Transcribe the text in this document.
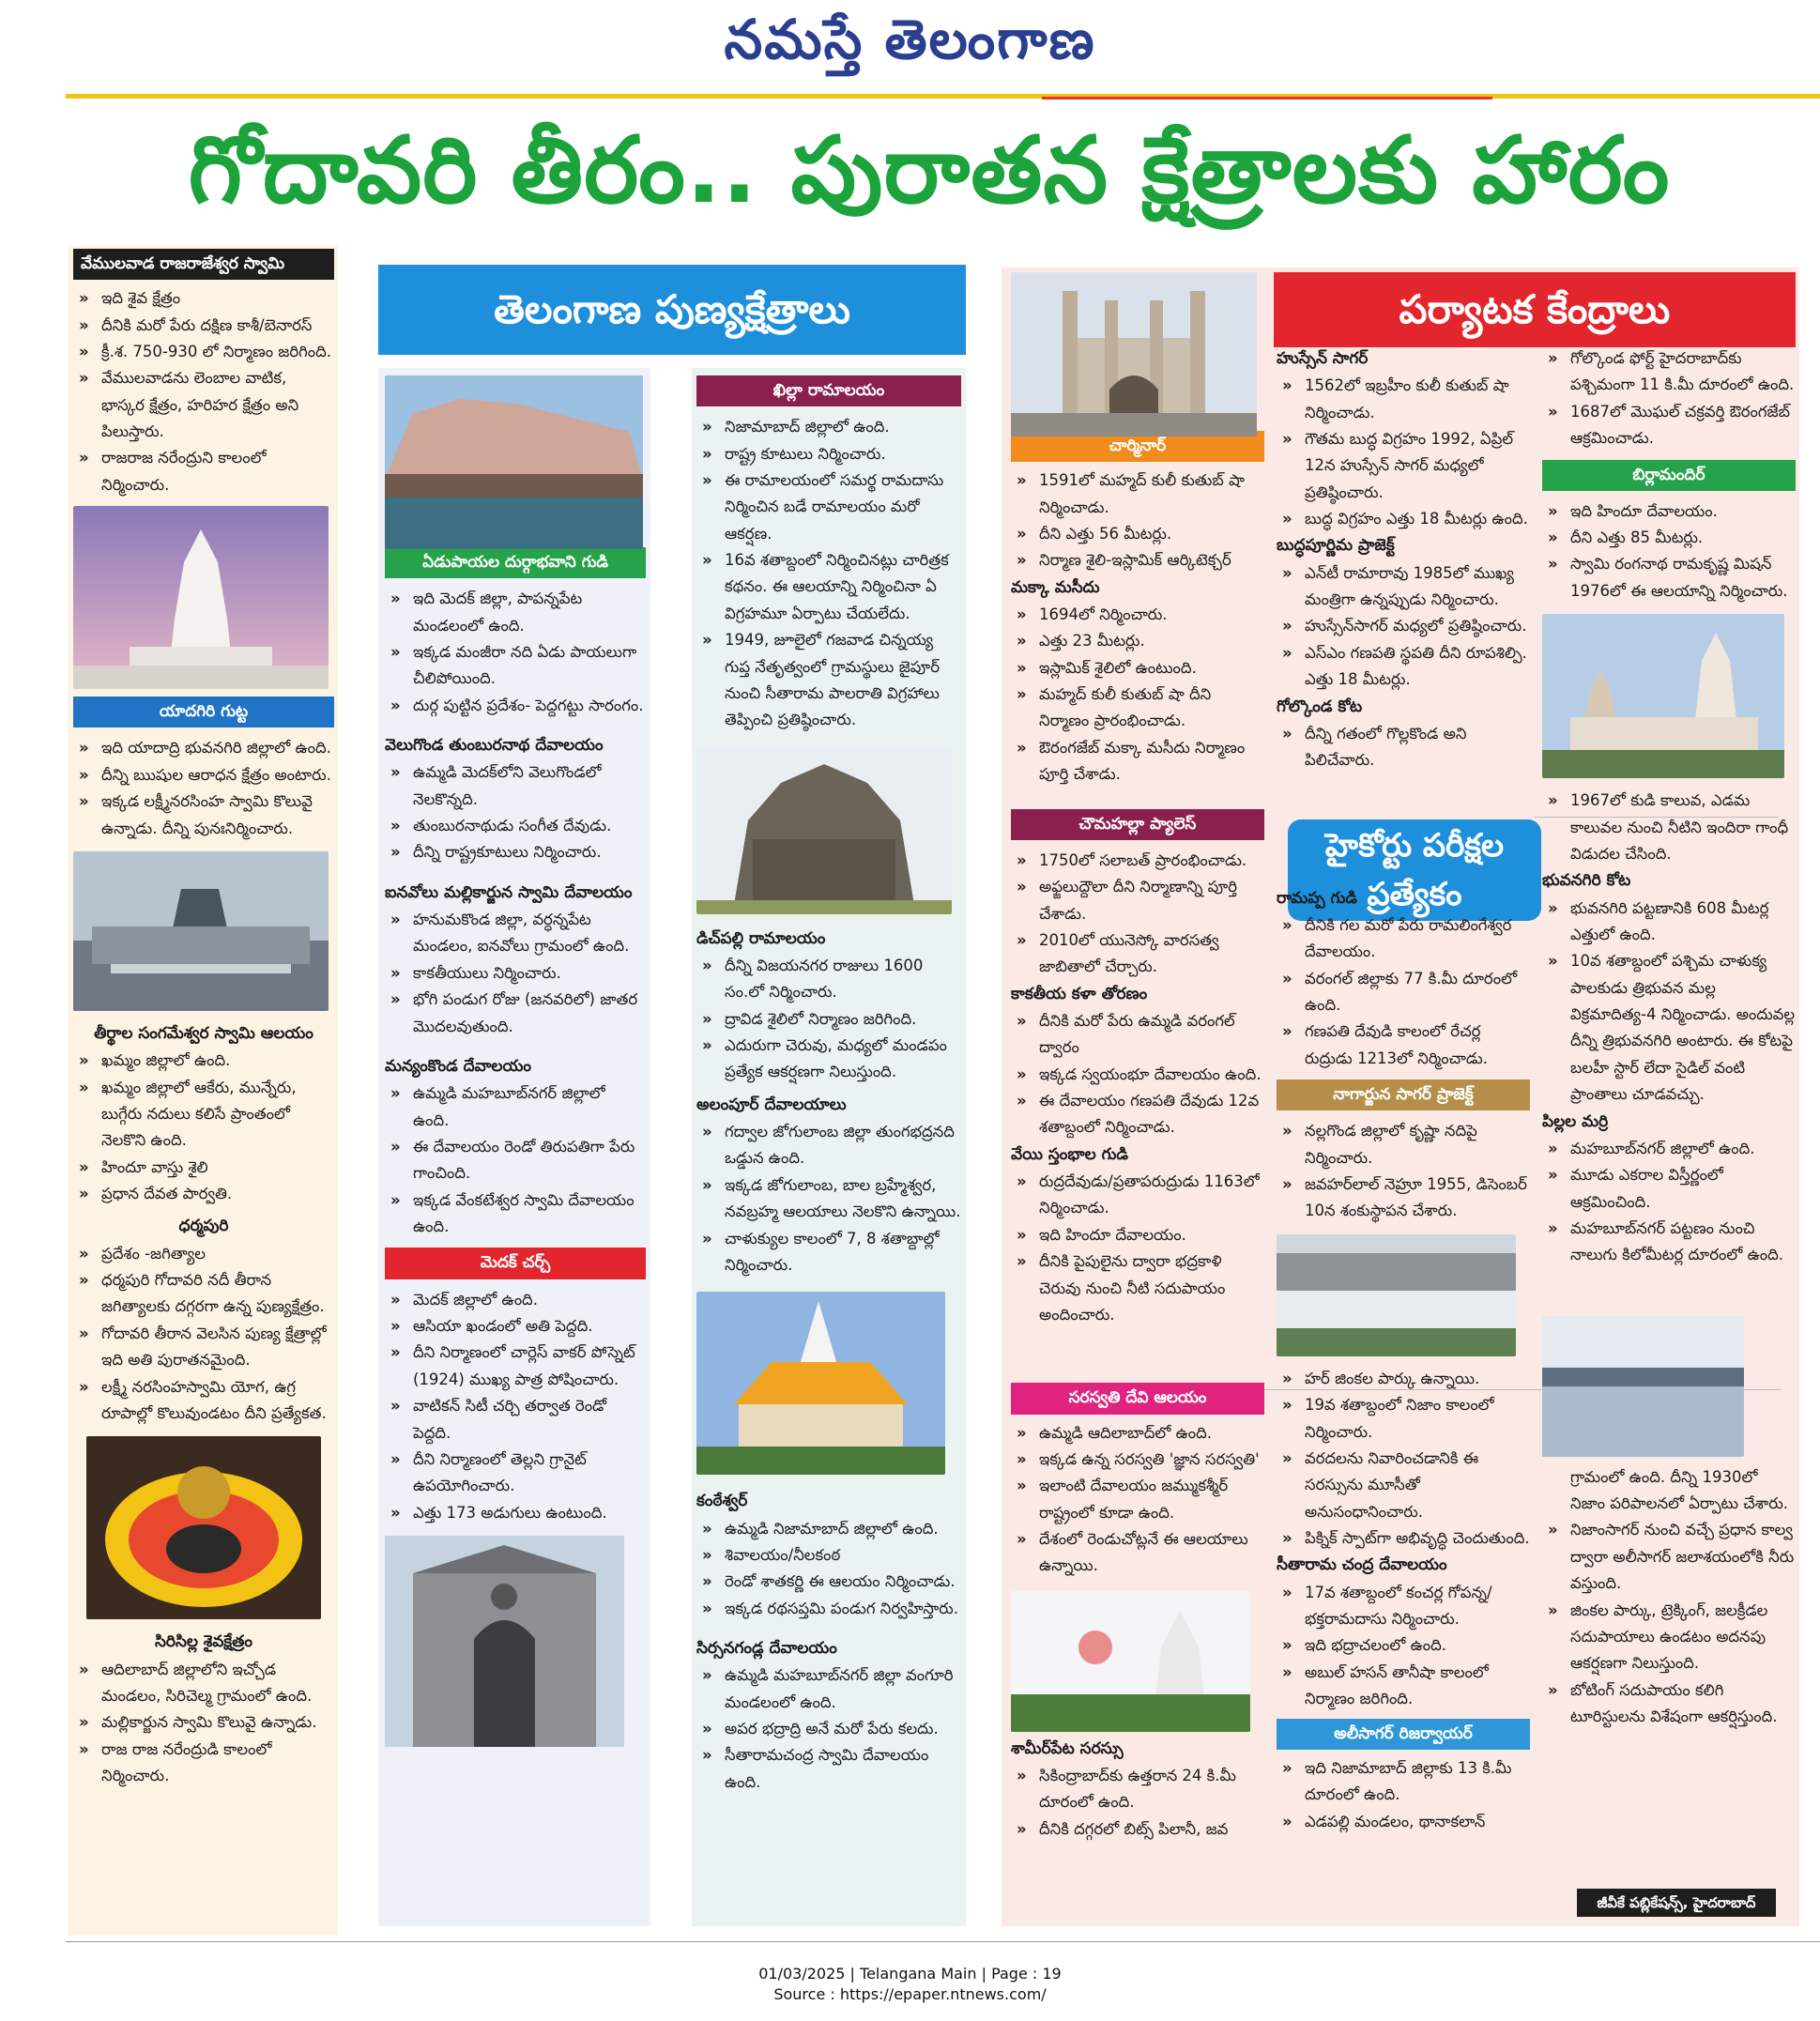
నమస్తే తెలంగాణ
గోదావరి తీరం.. పురాతన క్షేత్రాలకు హారం
వేములవాడ రాజరాజేశ్వర స్వామి
» ఇది శైవ క్షేత్రం
» దీనికి మరో పేరు దక్షిణ కాశీ/బెనారస్
» క్రీ.శ. 750-930 లో నిర్మాణం జరిగింది.
» వేములవాడను లెంబాల వాటిక, భాస్కర క్షేత్రం, హరిహర క్షేత్రం అని పిలుస్తారు.
» రాజరాజ నరేంద్రుని కాలంలో నిర్మించారు.
యాదగిరి గుట్ట
» ఇది యాదాద్రి భువనగిరి జిల్లాలో ఉంది.
» దీన్ని ఋషుల ఆరాధన క్షేత్రం అంటారు.
» ఇక్కడ లక్ష్మీనరసింహ స్వామి కొలువై ఉన్నాడు. దీన్ని పునఃనిర్మించారు.
తీర్థాల సంగమేశ్వర స్వామి ఆలయం
» ఖమ్మం జిల్లాలో ఉంది.
» ఖమ్మం జిల్లాలో ఆకేరు, మున్నేరు, బుగ్గేరు నదులు కలిసే ప్రాంతంలో నెలకొని ఉంది.
» హిందూ వాస్తు శైలి
» ప్రధాన దేవత పార్వతి.
ధర్మపురి
» ప్రదేశం -జగిత్యాల
» ధర్మపురి గోదావరి నదీ తీరాన జగిత్యాలకు దగ్గరగా ఉన్న పుణ్యక్షేత్రం.
» గోదావరి తీరాన వెలసిన పుణ్య క్షేత్రాల్లో ఇది అతి పురాతనమైంది.
» లక్ష్మీ నరసింహస్వామి యోగ, ఉగ్ర రూపాల్లో కొలువుండటం దీని ప్రత్యేకత.
సిరిసిల్ల శైవక్షేత్రం
» ఆదిలాబాద్ జిల్లాలోని ఇచ్చోడ మండలం, సిరిచెల్మ గ్రామంలో ఉంది.
» మల్లికార్జున స్వామి కొలువై ఉన్నాడు.
» రాజ రాజ నరేంద్రుడి కాలంలో నిర్మించారు.
తెలంగాణ పుణ్యక్షేత్రాలు
ఏడుపాయల దుర్గాభవాని గుడి
» ఇది మెదక్ జిల్లా, పాపన్నపేట మండలంలో ఉంది.
» ఇక్కడ మంజీరా నది ఏడు పాయలుగా చీలిపోయింది.
» దుర్గ పుట్టిన ప్రదేశం- పెద్దగట్టు సారంగం.
వెలుగొండ తుంబురనాథ దేవాలయం
» ఉమ్మడి మెదక్‌లోని వెలుగొండలో నెలకొన్నది.
» తుంబురనాథుడు సంగీత దేవుడు.
» దీన్ని రాష్ట్రకూటులు నిర్మించారు.
ఐనవోలు మల్లికార్జున స్వామి దేవాలయం
» హనుమకొండ జిల్లా, వర్ధన్నపేట మండలం, ఐనవోలు గ్రామంలో ఉంది.
» కాకతీయులు నిర్మించారు.
» భోగి పండుగ రోజు (జనవరిలో) జాతర మొదలవుతుంది.
మన్యంకొండ దేవాలయం
» ఉమ్మడి మహబూబ్‌నగర్ జిల్లాలో ఉంది.
» ఈ దేవాలయం రెండో తిరుపతిగా పేరు గాంచింది.
» ఇక్కడ వేంకటేశ్వర స్వామి దేవాలయం ఉంది.
మెదక్ చర్చ్
» మెదక్ జిల్లాలో ఉంది.
» ఆసియా ఖండంలో అతి పెద్దది.
» దీని నిర్మాణంలో చార్లెస్ వాకర్ పోస్నెట్ (1924) ముఖ్య పాత్ర పోషించారు.
» వాటికన్ సిటీ చర్చి తర్వాత రెండో పెద్దది.
» దీని నిర్మాణంలో తెల్లని గ్రానైట్ ఉపయోగించారు.
» ఎత్తు 173 అడుగులు ఉంటుంది.
ఖిల్లా రామాలయం
» నిజామాబాద్ జిల్లాలో ఉంది.
» రాష్ట్ర కూటులు నిర్మించారు.
» ఈ రామాలయంలో సమర్థ రామదాసు నిర్మించిన బడే రామాలయం మరో ఆకర్షణ.
» 16వ శతాబ్దంలో నిర్మించినట్లు చారిత్రక కథనం. ఈ ఆలయాన్ని నిర్మించినా ఏ విగ్రహమూ ఏర్పాటు చేయలేదు.
» 1949, జూలైలో గజవాడ చిన్నయ్య గుప్త నేతృత్వంలో గ్రామస్థులు జైపూర్ నుంచి సీతారామ పాలరాతి విగ్రహాలు తెప్పించి ప్రతిష్ఠించారు.
డిచ్‌పల్లి రామాలయం
» దీన్ని విజయనగర రాజులు 1600 సం.లో నిర్మించారు.
» ద్రావిడ శైలిలో నిర్మాణం జరిగింది.
» ఎదురుగా చెరువు, మధ్యలో మండపం ప్రత్యేక ఆకర్షణగా నిలుస్తుంది.
అలంపూర్ దేవాలయాలు
» గద్వాల జోగులాంబ జిల్లా తుంగభద్రనది ఒడ్డున ఉంది.
» ఇక్కడ జోగులాంబ, బాల బ్రహ్మేశ్వర, నవబ్రహ్మ ఆలయాలు నెలకొని ఉన్నాయి.
» చాళుక్యుల కాలంలో 7, 8 శతాబ్దాల్లో నిర్మించారు.
కంఠేశ్వర్
» ఉమ్మడి నిజామాబాద్ జిల్లాలో ఉంది.
» శివాలయం/నీలకంఠ
» రెండో శాతకర్ణి ఈ ఆలయం నిర్మించాడు.
» ఇక్కడ రథసప్తమి పండుగ నిర్వహిస్తారు.
సిర్సనగండ్ల దేవాలయం
» ఉమ్మడి మహబూబ్‌నగర్ జిల్లా వంగూరి మండలంలో ఉంది.
» అపర భద్రాద్రి అనే మరో పేరు కలదు.
» సీతారామచంద్ర స్వామి దేవాలయం ఉంది.
పర్యాటక కేంద్రాలు
హైకోర్టు పరీక్షల
ప్రత్యేకం
చార్మినార్
» 1591లో మహ్మద్ కులీ కుతుబ్ షా నిర్మించాడు.
» దీని ఎత్తు 56 మీటర్లు.
» నిర్మాణ శైలి-ఇస్లామిక్ ఆర్కిటెక్చర్
మక్కా మసీదు
» 1694లో నిర్మించారు.
» ఎత్తు 23 మీటర్లు.
» ఇస్లామిక్ శైలిలో ఉంటుంది.
» మహ్మద్ కులీ కుతుబ్ షా దీని నిర్మాణం ప్రారంభించాడు.
» ఔరంగజేబ్ మక్కా మసీదు నిర్మాణం పూర్తి చేశాడు.
చౌమహల్లా ప్యాలెస్
» 1750లో సలాబత్ ప్రారంభించాడు.
» అఫ్జలుద్దౌలా దీని నిర్మాణాన్ని పూర్తి చేశాడు.
» 2010లో యునెస్కో వారసత్వ జాబితాలో చేర్చారు.
కాకతీయ కళా తోరణం
» దీనికి మరో పేరు ఉమ్మడి వరంగల్ ద్వారం
» ఇక్కడ స్వయంభూ దేవాలయం ఉంది.
» ఈ దేవాలయం గణపతి దేవుడు 12వ శతాబ్దంలో నిర్మించాడు.
వేయి స్తంభాల గుడి
» రుద్రదేవుడు/ప్రతాపరుద్రుడు 1163లో నిర్మించాడు.
» ఇది హిందూ దేవాలయం.
» దీనికి పైపులైను ద్వారా భద్రకాళి చెరువు నుంచి నీటి సదుపాయం అందించారు.
సరస్వతి దేవి ఆలయం
» ఉమ్మడి ఆదిలాబాద్‌లో ఉంది.
» ఇక్కడ ఉన్న సరస్వతి 'జ్ఞాన సరస్వతి'
» ఇలాంటి దేవాలయం జమ్ముకశ్మీర్ రాష్ట్రంలో కూడా ఉంది.
» దేశంలో రెండుచోట్లనే ఈ ఆలయాలు ఉన్నాయి.
శామీర్‌పేట సరస్సు
» సికింద్రాబాద్‌కు ఉత్తరాన 24 కి.మీ దూరంలో ఉంది.
» దీనికి దగ్గరలో బిట్స్ పిలానీ, జవ
హుస్సేన్ సాగర్
» 1562లో ఇబ్రహీం కులీ కుతుబ్ షా నిర్మించాడు.
» గౌతమ బుద్ధ విగ్రహం 1992, ఏప్రిల్ 12న హుస్సేన్ సాగర్ మధ్యలో ప్రతిష్ఠించారు.
» బుద్ధ విగ్రహం ఎత్తు 18 మీటర్లు ఉంది.
బుద్ధపూర్ణిమ ప్రాజెక్ట్
» ఎన్‌టీ రామారావు 1985లో ముఖ్య మంత్రిగా ఉన్నప్పుడు నిర్మించారు.
» హుస్సేన్‌సాగర్ మధ్యలో ప్రతిష్ఠించారు.
» ఎస్ఎం గణపతి స్థపతి దీని రూపశిల్పి. ఎత్తు 18 మీటర్లు.
గోల్కొండ కోట
» దీన్ని గతంలో గొల్లకొండ అని పిలిచేవారు.
రామప్ప గుడి
» దీనికి గల మరో పేరు రామలింగేశ్వర దేవాలయం.
» వరంగల్ జిల్లాకు 77 కి.మీ దూరంలో ఉంది.
» గణపతి దేవుడి కాలంలో రేచర్ల రుద్రుడు 1213లో నిర్మించాడు.
నాగార్జున సాగర్ ప్రాజెక్ట్
» నల్లగొండ జిల్లాలో కృష్ణా నదిపై నిర్మించారు.
» జవహర్‌లాల్ నెహ్రూ 1955, డిసెంబర్ 10న శంకుస్థాపన చేశారు.
» హర్ జింకల పార్కు ఉన్నాయి.
» 19వ శతాబ్దంలో నిజాం కాలంలో నిర్మించారు.
» వరదలను నివారించడానికి ఈ సరస్సును మూసీతో అనుసంధానించారు.
» పిక్నిక్ స్పాట్‌గా అభివృద్ధి చెందుతుంది.
సీతారామ చంద్ర దేవాలయం
» 17వ శతాబ్దంలో కంచర్ల గోపన్న/భక్తరామదాసు నిర్మించారు.
» ఇది భద్రాచలంలో ఉంది.
» అబుల్ హసన్ తానీషా కాలంలో నిర్మాణం జరిగింది.
అలీసాగర్ రిజర్వాయర్
» ఇది నిజామాబాద్ జిల్లాకు 13 కి.మీ దూరంలో ఉంది.
» ఎడపల్లి మండలం, థానాకలాన్
» గోల్కొండ ఫోర్ట్ హైదరాబాద్‌కు పశ్చిమంగా 11 కి.మీ దూరంలో ఉంది.
» 1687లో మొఘల్ చక్రవర్తి ఔరంగజేబ్ ఆక్రమించాడు.
బిర్లామందిర్
» ఇది హిందూ దేవాలయం.
» దీని ఎత్తు 85 మీటర్లు.
» స్వామి రంగనాథ రామకృష్ణ మిషన్ 1976లో ఈ ఆలయాన్ని నిర్మించారు.
» 1967లో కుడి కాలువ, ఎడమ కాలువల నుంచి నీటిని ఇందిరా గాంధీ విడుదల చేసింది.
భువనగిరి కోట
» భువనగిరి పట్టణానికి 608 మీటర్ల ఎత్తులో ఉంది.
» 10వ శతాబ్దంలో పశ్చిమ చాళుక్య పాలకుడు త్రిభువన మల్ల విక్రమాదిత్య-4 నిర్మించాడు. అందువల్ల దీన్ని త్రిభువనగిరి అంటారు. ఈ కోటపై బలహీ స్టార్ లేదా సైడిల్ వంటి ప్రాంతాలు చూడవచ్చు.
పిల్లల మర్రి
» మహబూబ్‌నగర్ జిల్లాలో ఉంది.
» మూడు ఎకరాల విస్తీర్ణంలో ఆక్రమించింది.
» మహబూబ్‌నగర్ పట్టణం నుంచి నాలుగు కిలోమీటర్ల దూరంలో ఉంది.
గ్రామంలో ఉంది. దీన్ని 1930లో నిజాం పరిపాలనలో ఏర్పాటు చేశారు.
» నిజాంసాగర్ నుంచి వచ్చే ప్రధాన కాల్వ ద్వారా అలీసాగర్ జలాశయంలోకి నీరు వస్తుంది.
» జింకల పార్కు, ట్రెక్కింగ్, జలక్రీడల సదుపాయాలు ఉండటం అదనపు ఆకర్షణగా నిలుస్తుంది.
» బోటింగ్ సదుపాయం కలిగి టూరిస్టులను విశేషంగా ఆకర్షిస్తుంది.
జీవీకే పబ్లికేషన్స్, హైదరాబాద్
01/03/2025 | Telangana Main | Page : 19
Source : https://epaper.ntnews.com/
